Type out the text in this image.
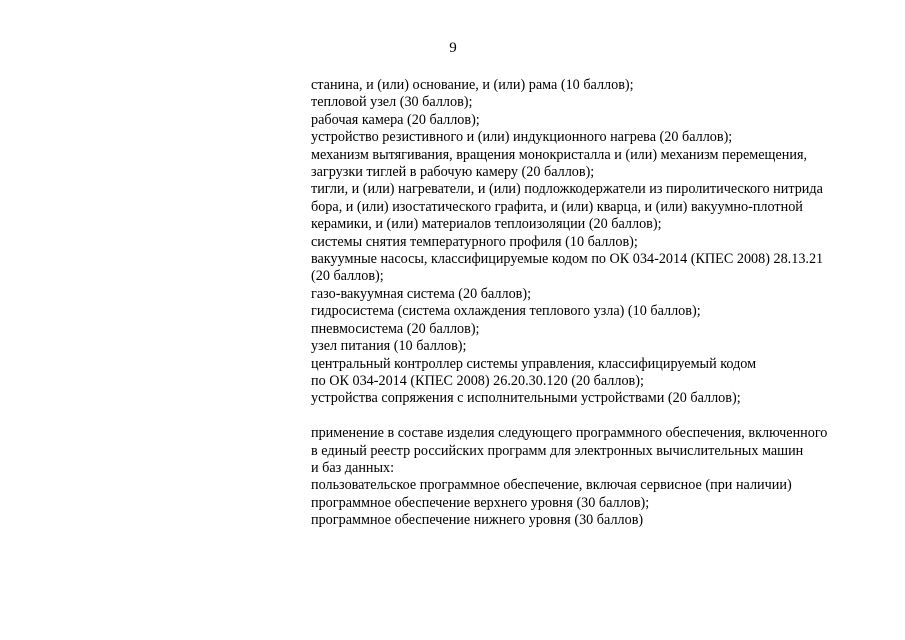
9
станина, и (или) основание, и (или) рама (10 баллов);
тепловой узел (30 баллов);
рабочая камера (20 баллов);
устройство резистивного и (или) индукционного нагрева (20 баллов);
механизм вытягивания, вращения монокристалла и (или) механизм перемещения,
загрузки тиглей в рабочую камеру (20 баллов);
тигли, и (или) нагреватели, и (или) подложкодержатели из пиролитического нитрида
бора, и (или) изостатического графита, и (или) кварца, и (или) вакуумно-плотной
керамики, и (или) материалов теплоизоляции (20 баллов);
системы снятия температурного профиля (10 баллов);
вакуумные насосы, классифицируемые кодом по ОК 034-2014 (КПЕС 2008) 28.13.21
(20 баллов);
газо-вакуумная система (20 баллов);
гидросистема (система охлаждения теплового узла) (10 баллов);
пневмосистема (20 баллов);
узел питания (10 баллов);
центральный контроллер системы управления, классифицируемый кодом
по ОК 034-2014 (КПЕС 2008) 26.20.30.120 (20 баллов);
устройства сопряжения с исполнительными устройствами (20 баллов);
применение в составе изделия следующего программного обеспечения, включенного
в единый реестр российских программ для электронных вычислительных машин
и баз данных:
пользовательское программное обеспечение, включая сервисное (при наличии)
программное обеспечение верхнего уровня (30 баллов);
программное обеспечение нижнего уровня (30 баллов)
